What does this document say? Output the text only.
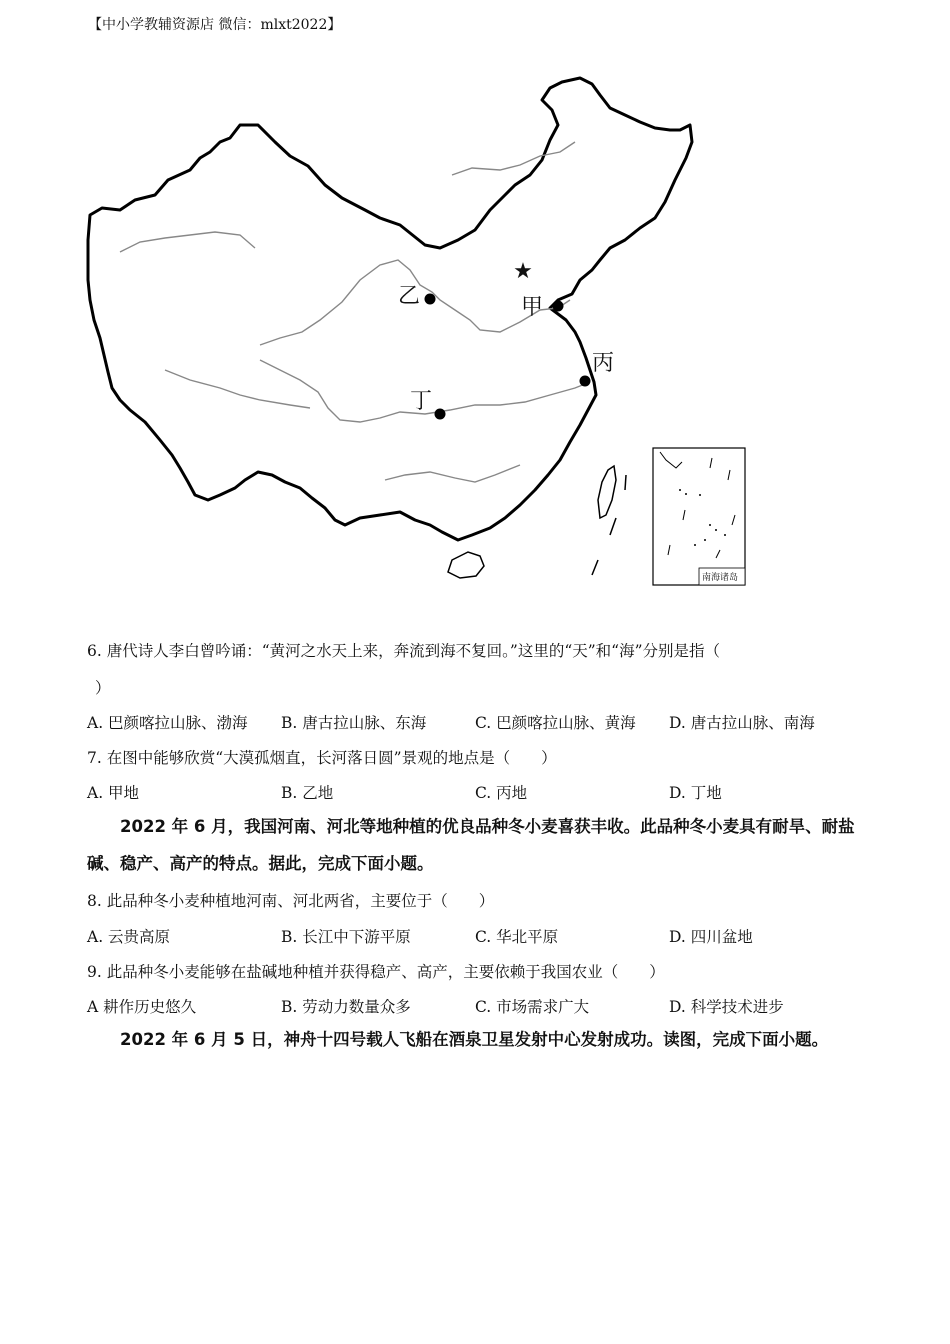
【中小学教辅资源店 微信：mlxt2022】
★
甲
乙
丙
丁
南海诸岛
6. 唐代诗人李白曾吟诵：“黄河之水天上来，奔流到海不复回。”这里的“天”和“海”分别是指（
）
A. 巴颜喀拉山脉、渤海 B. 唐古拉山脉、东海	C. 巴颜喀拉山脉、黄海 D. 唐古拉山脉、南海
7. 在图中能够欣赏“大漠孤烟直，长河落日圆”景观的地点是（　　）
A. 甲地	B. 乙地	C. 丙地	D. 丁地
2022 年 6 月，我国河南、河北等地种植的优良品种冬小麦喜获丰收。此品种冬小麦具有耐旱、耐盐碱、稳产、高产的特点。据此，完成下面小题。
8. 此品种冬小麦种植地河南、河北两省，主要位于（　　）
A. 云贵高原	B. 长江中下游平原	C. 华北平原	D. 四川盆地
9. 此品种冬小麦能够在盐碱地种植并获得稳产、高产，主要依赖于我国农业（　　）
A 耕作历史悠久	B. 劳动力数量众多	C. 市场需求广大	D. 科学技术进步
2022 年 6 月 5 日，神舟十四号载人飞船在酒泉卫星发射中心发射成功。读图，完成下面小题。
